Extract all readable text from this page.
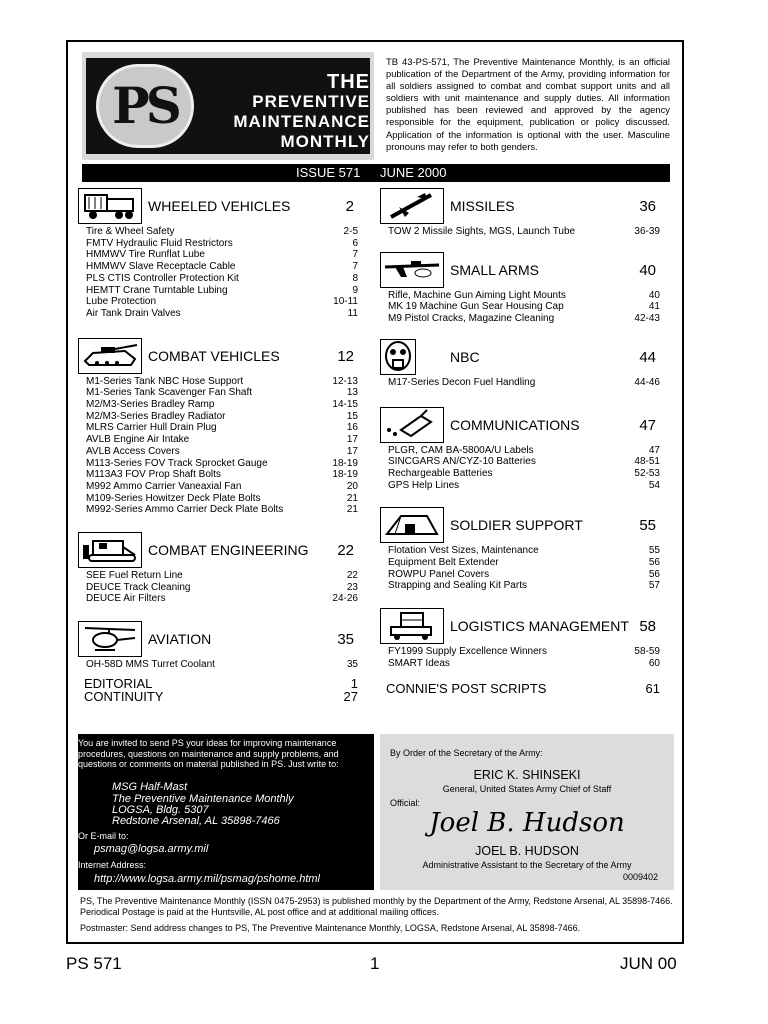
PS	THE
PREVENTIVE
MAINTENANCE
MONTHLY
TB 43-PS-571, The Preventive Maintenance Monthly, is an official publication of the Department of the Army, providing information for all soldiers assigned to combat and combat support units and all soldiers with unit maintenance and supply duties. All information published has been reviewed and approved by the agency responsible for the equipment, publication or policy discussed. Application of the information is optional with the user. Masculine pronouns may refer to both genders.
ISSUE 571 JUNE 2000
WHEELED VEHICLES	2
Tire & Wheel Safety	2-5
FMTV Hydraulic Fluid Restrictors	6
HMMWV Tire Runflat Lube	7
HMMWV Slave Receptacle Cable	7
PLS CTIS Controller Protection Kit	8
HEMTT Crane Turntable Lubing	9
Lube Protection	10-11
Air Tank Drain Valves	11
COMBAT VEHICLES	12
M1-Series Tank NBC Hose Support	12-13
M1-Series Tank Scavenger Fan Shaft	13
M2/M3-Series Bradley Ramp	14-15
M2/M3-Series Bradley Radiator	15
MLRS Carrier Hull Drain Plug	16
AVLB Engine Air Intake	17
AVLB Access Covers	17
M113-Series FOV Track Sprocket Gauge	18-19
M113A3 FOV Prop Shaft Bolts	18-19
M992 Ammo Carrier Vaneaxial Fan	20
M109-Series Howitzer Deck Plate Bolts	21
M992-Series Ammo Carrier Deck Plate Bolts	21
COMBAT ENGINEERING 22
SEE Fuel Return Line	22
DEUCE Track Cleaning	23
DEUCE Air Filters	24-26
AVIATION	35
OH-58D MMS Turret Coolant	35
EDITORIAL	1
CONTINUITY	27
MISSILES	36
TOW 2 Missile Sights, MGS, Launch Tube	36-39
SMALL ARMS	40
Rifle, Machine Gun Aiming Light Mounts	40
MK 19 Machine Gun Sear Housing Cap	41
M9 Pistol Cracks, Magazine Cleaning	42-43
NBC	44
M17-Series Decon Fuel Handling	44-46
COMMUNICATIONS	47
PLGR, CAM BA-5800A/U Labels	47
SINCGARS AN/CYZ-10 Batteries	48-51
Rechargeable Batteries	52-53
GPS Help Lines	54
SOLDIER SUPPORT	55
Flotation Vest Sizes, Maintenance	55
Equipment Belt Extender	56
ROWPU Panel Covers	56
Strapping and Sealing Kit Parts	57
LOGISTICS MANAGEMENT 58
FY1999 Supply Excellence Winners	58-59
SMART Ideas	60
CONNIE'S POST SCRIPTS	61
You are invited to send PS your ideas for improving maintenance procedures, questions on maintenance and supply problems, and questions or comments on material published in PS. Just write to:
MSG Half-Mast
The Preventive Maintenance Monthly
LOGSA, Bldg. 5307
Redstone Arsenal, AL 35898-7466
Or E-mail to:
psmag@logsa.army.mil
Internet Address:
http://www.logsa.army.mil/psmag/pshome.html
By Order of the Secretary of the Army:
ERIC K. SHINSEKI
General, United States Army Chief of Staff
Official:
Joel B. Hudson
JOEL B. HUDSON
Administrative Assistant to the Secretary of the Army
0009402
PS, The Preventive Maintenance Monthly (ISSN 0475-2953) is published monthly by the Department of the Army, Redstone Arsenal, AL 35898-7466. Periodical Postage is paid at the Huntsville, AL post office and at additional mailing offices.
Postmaster: Send address changes to PS, The Preventive Maintenance Monthly, LOGSA, Redstone Arsenal, AL 35898-7466.
PS 571	1	JUN 00
